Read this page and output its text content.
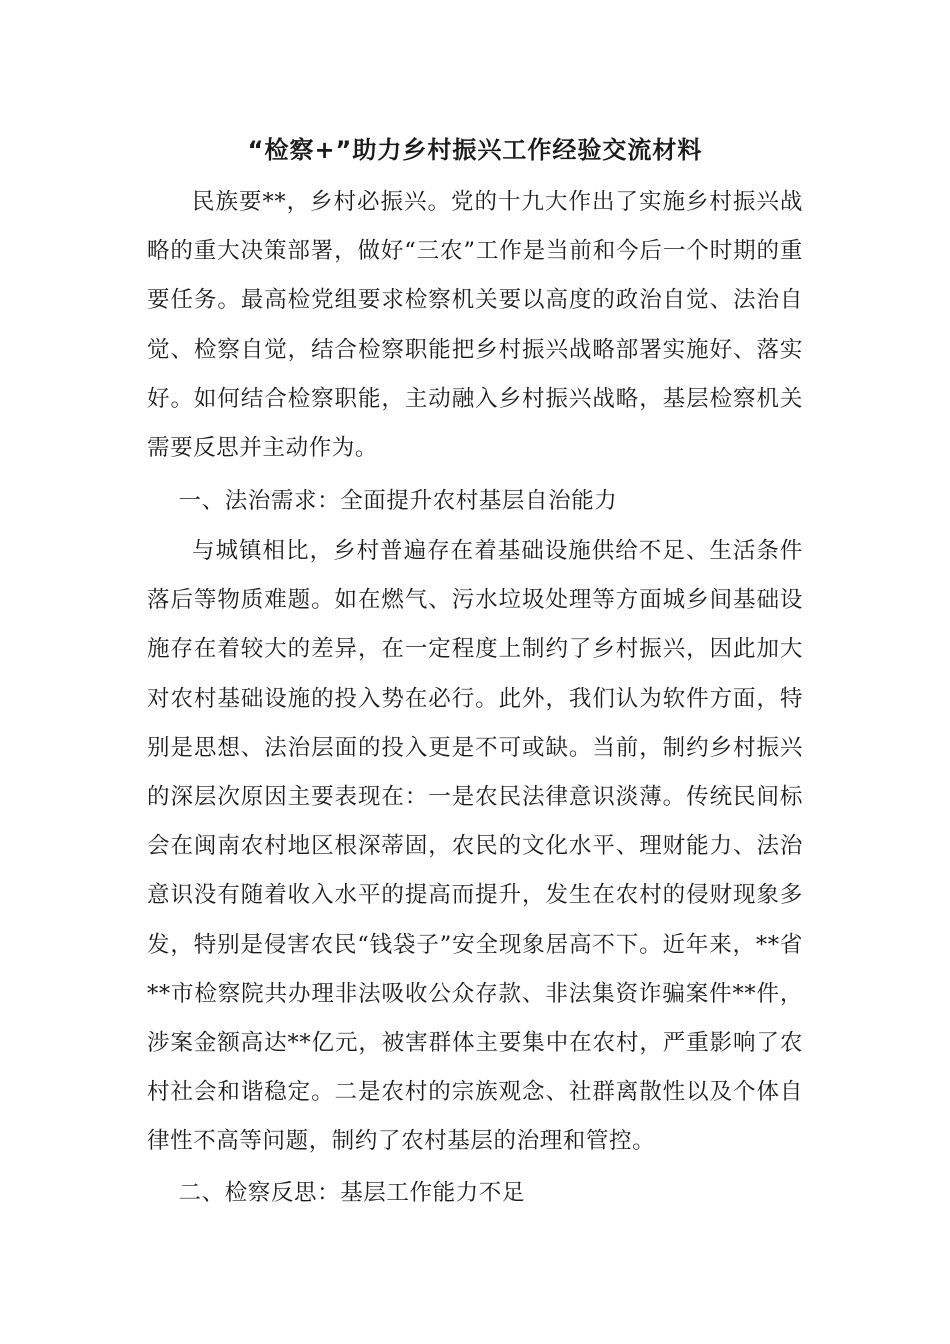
“检察+”助力乡村振兴工作经验交流材料

民族要**，乡村必振兴。党的十九大作出了实施乡村振兴战略的重大决策部署，做好“三农”工作是当前和今后一个时期的重要任务。最高检党组要求检察机关要以高度的政治自觉、法治自觉、检察自觉，结合检察职能把乡村振兴战略部署实施好、落实好。如何结合检察职能，主动融入乡村振兴战略，基层检察机关需要反思并主动作为。

一、法治需求：全面提升农村基层自治能力

与城镇相比，乡村普遍存在着基础设施供给不足、生活条件落后等物质难题。如在燃气、污水垃圾处理等方面城乡间基础设施存在着较大的差异，在一定程度上制约了乡村振兴，因此加大对农村基础设施的投入势在必行。此外，我们认为软件方面，特别是思想、法治层面的投入更是不可或缺。当前，制约乡村振兴的深层次原因主要表现在：一是农民法律意识淡薄。传统民间标会在闽南农村地区根深蒂固，农民的文化水平、理财能力、法治意识没有随着收入水平的提高而提升，发生在农村的侵财现象多发，特别是侵害农民“钱袋子”安全现象居高不下。近年来，**省**市检察院共办理非法吸收公众存款、非法集资诈骗案件**件，涉案金额高达**亿元，被害群体主要集中在农村，严重影响了农村社会和谐稳定。二是农村的宗族观念、社群离散性以及个体自律性不高等问题，制约了农村基层的治理和管控。

二、检察反思：基层工作能力不足
